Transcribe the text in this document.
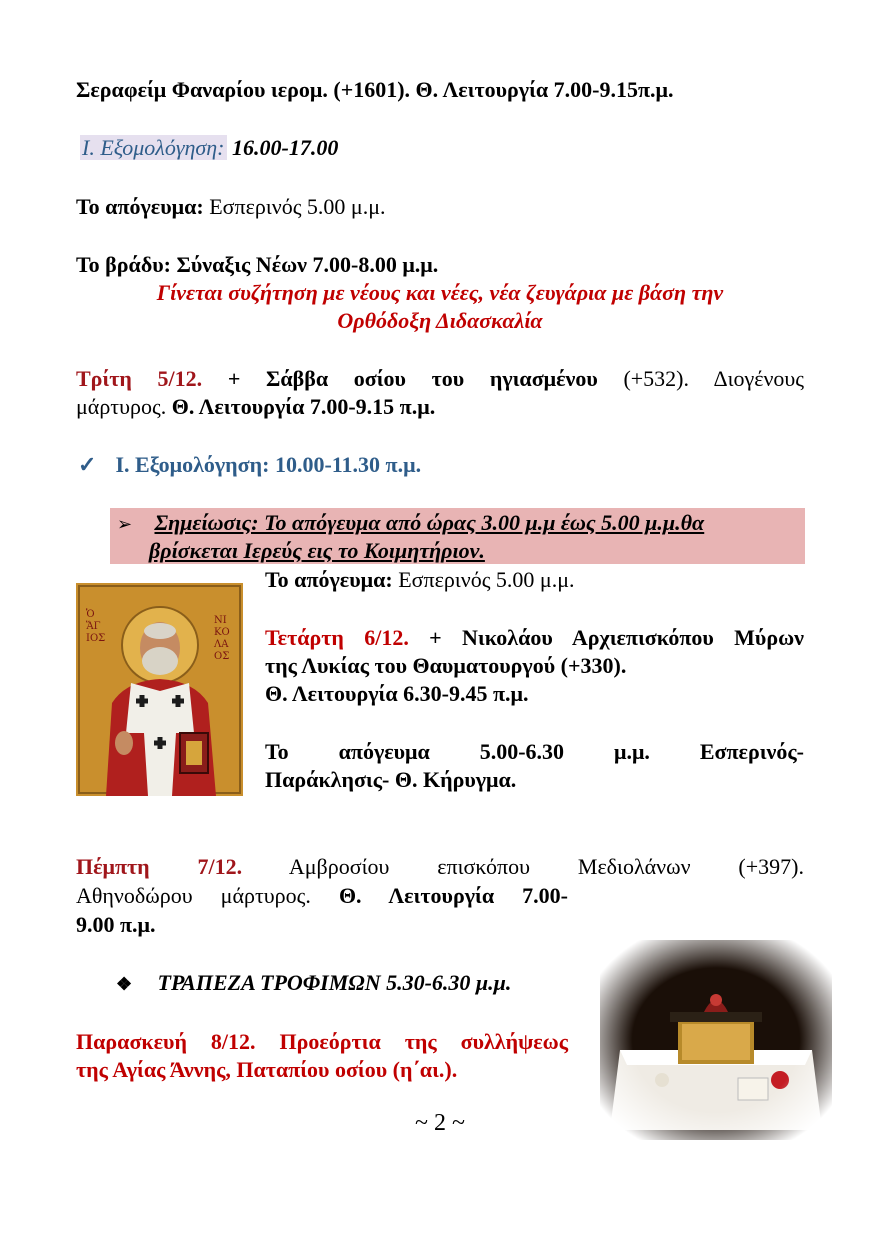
Σεραφείμ Φαναρίου ιερομ. (+1601). Θ. Λειτουργία 7.00-9.15π.μ.
Ι. Εξομολόγηση: 16.00-17.00
Το απόγευμα: Εσπερινός 5.00 μ.μ.
Το βράδυ: Σύναξις Νέων 7.00-8.00 μ.μ.
Γίνεται συζήτηση με νέους και νέες, νέα ζευγάρια με βάση την
Ορθόδοξη Διδασκαλία
Τρίτη 5/12. + Σάββα οσίου του ηγιασμένου (+532). Διογένους
μάρτυρος. Θ. Λειτουργία 7.00-9.15 π.μ.
✓ Ι. Εξομολόγηση: 10.00-11.30 π.μ.
➢ Σημείωσις: Το απόγευμα από ώρας 3.00 μ.μ έως 5.00 μ.μ.θα
βρίσκεται Ιερεύς εις το Κοιμητήριον.
Ὁ ἍΓ ΙΟΣ
ΝΙ ΚΟ ΛΑ ΟΣ
Το απόγευμα: Εσπερινός 5.00 μ.μ.
Τετάρτη 6/12. + Νικολάου Αρχιεπισκόπου Μύρων
της Λυκίας του Θαυματουργού (+330).
Θ. Λειτουργία 6.30-9.45 π.μ.
Το απόγευμα 5.00-6.30 μ.μ. Εσπερινός-
Παράκλησις- Θ. Κήρυγμα.
Πέμπτη 7/12. Αμβροσίου επισκόπου Μεδιολάνων (+397).
Αθηνοδώρου μάρτυρος. Θ. Λειτουργία 7.00-
9.00 π.μ.
❖ ΤΡΑΠΕΖΑ ΤΡΟΦΙΜΩΝ 5.30-6.30 μ.μ.
Παρασκευή 8/12. Προεόρτια της συλλήψεως
της Αγίας Άννης, Παταπίου οσίου (η΄αι.).
~ 2 ~
